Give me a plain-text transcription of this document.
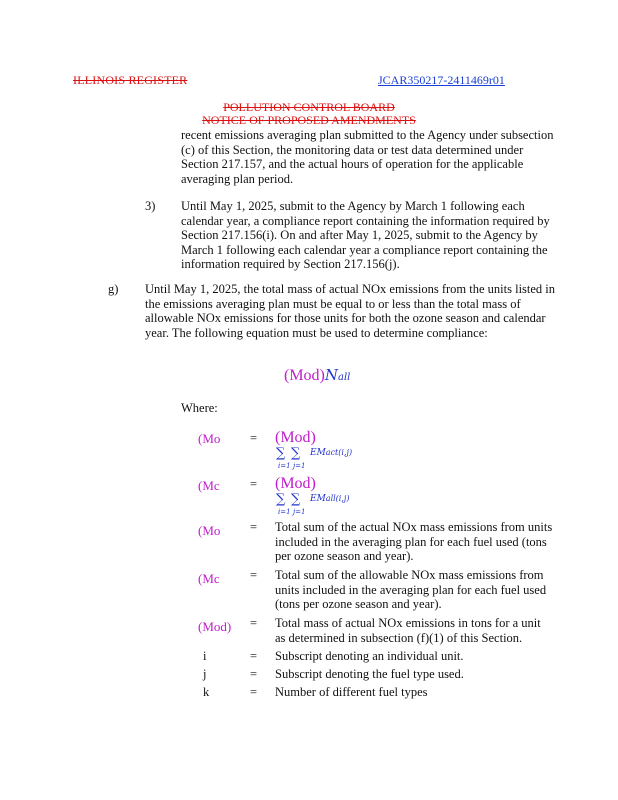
ILLINOIS REGISTER	JCAR350217-2411469r01
POLLUTION CONTROL BOARD
NOTICE OF PROPOSED AMENDMENTS
recent emissions averaging plan submitted to the Agency under subsection
(c) of this Section, the monitoring data or test data determined under
Section 217.157, and the actual hours of operation for the applicable
averaging plan period.
3)	Until May 1, 2025, submit to the Agency by March 1 following each
calendar year, a compliance report containing the information required by
Section 217.156(i). On and after May 1, 2025, submit to the Agency by
March 1 following each calendar year a compliance report containing the
information required by Section 217.156(j).
g)	Until May 1, 2025, the total mass of actual NOx emissions from the units listed in
the emissions averaging plan must be equal to or less than the total mass of
allowable NOx emissions for those units for both the ozone season and calendar
year. The following equation must be used to determine compliance:
(Mod)Nall
Where:
(Mo = (Mod)
∑
i=1
∑
j=1
EMact(i,j)
(Mc = (Mod)
∑
i=1
∑
j=1
EMall(i,j)
(Mo = Total sum of the actual NOx mass emissions from units
included in the averaging plan for each fuel used (tons
per ozone season and year).
(Mc = Total sum of the allowable NOx mass emissions from
units included in the averaging plan for each fuel used
(tons per ozone season and year).
(Mod) = Total mass of actual NOx emissions in tons for a unit
as determined in subsection (f)(1) of this Section.
i	= Subscript denoting an individual unit.
j	= Subscript denoting the fuel type used.
k	= Number of different fuel types
